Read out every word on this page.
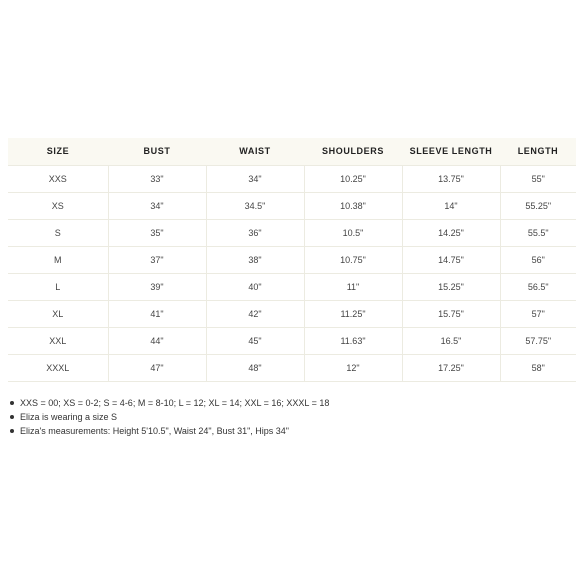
SIZE	BUST	WAIST	SHOULDERS	SLEEVE LENGTH	LENGTH
XXS	33"	34"	10.25"	13.75"	55"
XS	34"	34.5"	10.38"	14"	55.25"
S	35"	36"	10.5"	14.25"	55.5"
M	37"	38"	10.75"	14.75"	56"
L	39"	40"	11"	15.25"	56.5"
XL	41"	42"	11.25"	15.75"	57"
XXL	44"	45"	11.63"	16.5"	57.75"
XXXL	47"	48"	12"	17.25"	58"
XXS = 00; XS = 0-2; S = 4-6; M = 8-10; L = 12; XL = 14; XXL = 16; XXXL = 18
Eliza is wearing a size S
Eliza's measurements: Height 5'10.5", Waist 24", Bust 31", Hips 34"
